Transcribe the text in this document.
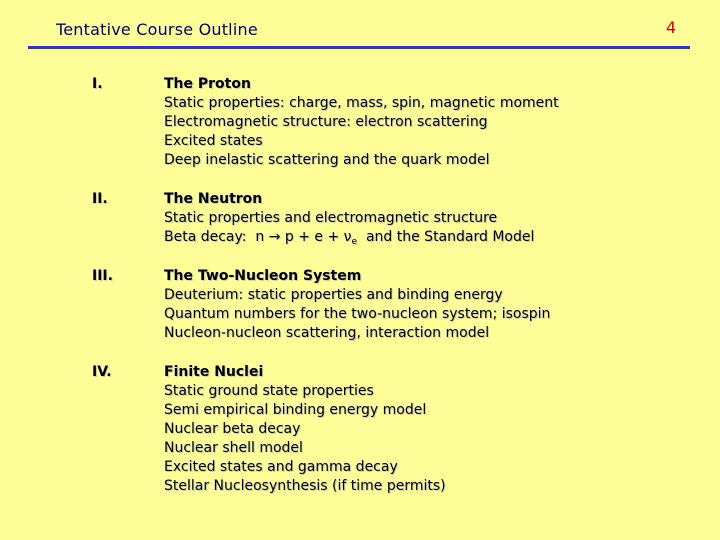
Tentative Course Outline	4
I.	The Proton
Static properties: charge, mass, spin, magnetic moment
Electromagnetic structure: electron scattering
Excited states
Deep inelastic scattering and the quark model
II.	The Neutron
Static properties and electromagnetic structure
Beta decay:  $n \to p + e + \nu_e$  and the Standard Model
III.	The Two-Nucleon System
Deuterium: static properties and binding energy
Quantum numbers for the two-nucleon system; isospin
Nucleon-nucleon scattering, interaction model
IV.	Finite Nuclei
Static ground state properties
Semi empirical binding energy model
Nuclear beta decay
Nuclear shell model
Excited states and gamma decay
Stellar Nucleosynthesis (if time permits)
